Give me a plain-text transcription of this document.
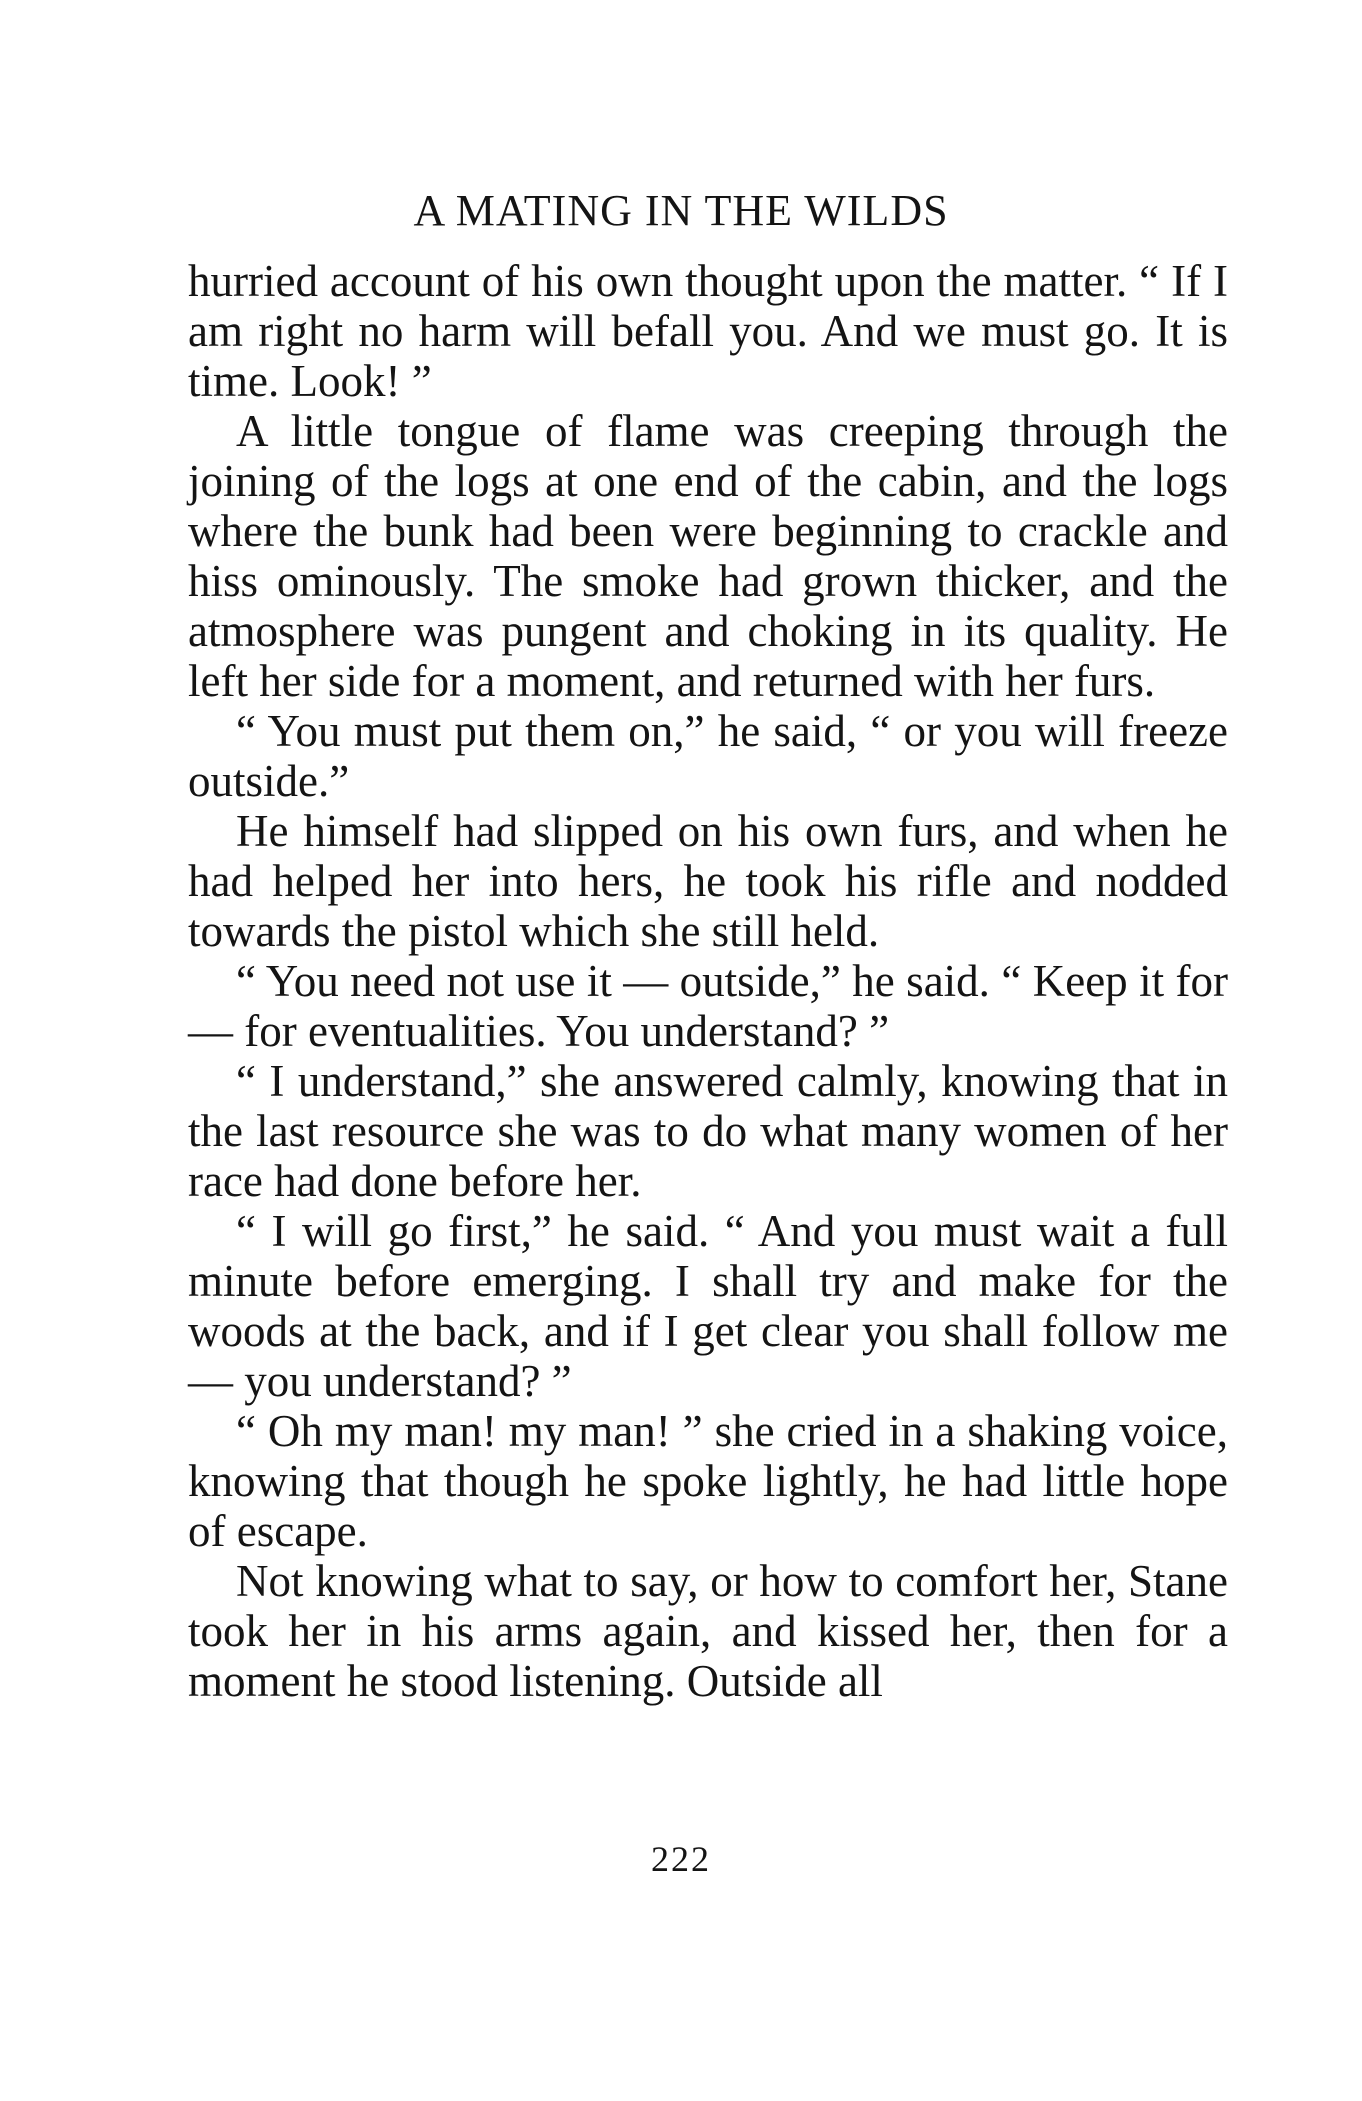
A MATING IN THE WILDS

hurried account of his own thought upon the matter. “ If I am right no harm will befall you. And we must go. It is time. Look! ”

A little tongue of flame was creeping through the joining of the logs at one end of the cabin, and the logs where the bunk had been were beginning to crackle and hiss ominously. The smoke had grown thicker, and the atmosphere was pungent and choking in its quality. He left her side for a moment, and returned with her furs.

“ You must put them on,” he said, “ or you will freeze outside.”

He himself had slipped on his own furs, and when he had helped her into hers, he took his rifle and nodded towards the pistol which she still held.

“ You need not use it — outside,” he said. “ Keep it for — for eventualities. You understand? ”

“ I understand,” she answered calmly, knowing that in the last resource she was to do what many women of her race had done before her.

“ I will go first,” he said. “ And you must wait a full minute before emerging. I shall try and make for the woods at the back, and if I get clear you shall follow me — you understand? ”

“ Oh my man! my man! ” she cried in a shaking voice, knowing that though he spoke lightly, he had little hope of escape.

Not knowing what to say, or how to comfort her, Stane took her in his arms again, and kissed her, then for a moment he stood listening. Outside all

222
